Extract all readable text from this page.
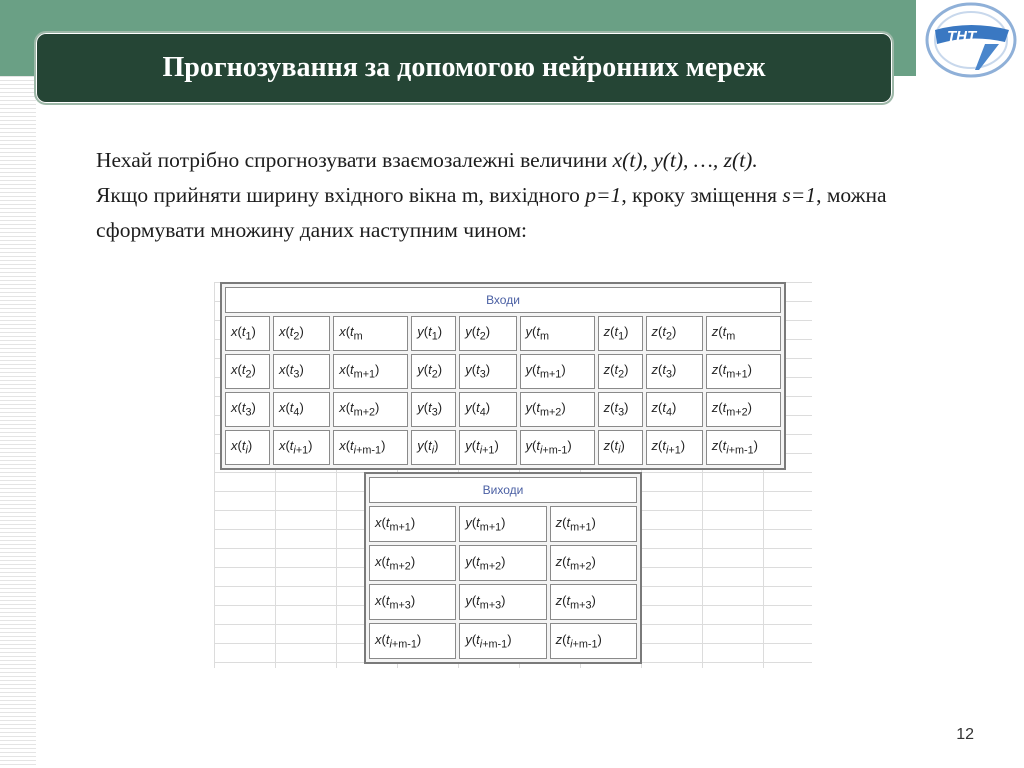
ТНТ
Прогнозування за допомогою нейронних мереж

Нехай потрібно спрогнозувати взаємозалежні величини x(t), y(t), …, z(t).
Якщо прийняти ширину вхідного вікна m, вихідного p=1, кроку зміщення s=1, можна сформувати множину даних наступним чином:

Входи								
$x(t_1)$	$x(t_2)$	$x(t_m$	$y(t_1)$	$y(t_2)$	$y(t_m$	$z(t_1)$	$z(t_2)$	$z(t_m$
$x(t_2)$	$x(t_3)$	$x(t_{m+1})$	$y(t_2)$	$y(t_3)$	$y(t_{m+1})$	$z(t_2)$	$z(t_3)$	$z(t_{m+1})$
$x(t_3)$	$x(t_4)$	$x(t_{m+2})$	$y(t_3)$	$y(t_4)$	$y(t_{m+2})$	$z(t_3)$	$z(t_4)$	$z(t_{m+2})$
$x(t_i)$	$x(t_{i+1})$	$x(t_{i+m-1})$	$y(t_i)$	$y(t_{i+1})$	$y(t_{i+m-1})$	$z(t_i)$	$z(t_{i+1})$	$z(t_{i+m-1})$
Виходи		
$x(t_{m+1})$	$y(t_{m+1})$	$z(t_{m+1})$
$x(t_{m+2})$	$y(t_{m+2})$	$z(t_{m+2})$
$x(t_{m+3})$	$y(t_{m+3})$	$z(t_{m+3})$
$x(t_{i+m-1})$	$y(t_{i+m-1})$	$z(t_{i+m-1})$
12
